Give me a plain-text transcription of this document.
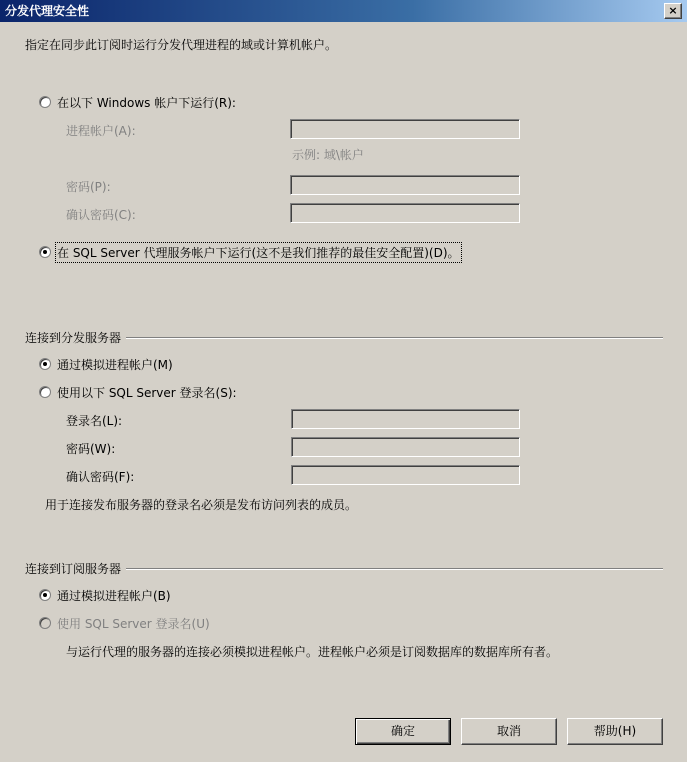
分发代理安全性	×
指定在同步此订阅时运行分发代理进程的域或计算机帐户。
在以下 Windows 帐户下运行(R):
进程帐户(A):
示例: 域\帐户
密码(P):
确认密码(C):
在 SQL Server 代理服务帐户下运行(这不是我们推荐的最佳安全配置)(D)。
连接到分发服务器
通过模拟进程帐户(M)
使用以下 SQL Server 登录名(S):
登录名(L):
密码(W):
确认密码(F):
用于连接发布服务器的登录名必须是发布访问列表的成员。
连接到订阅服务器
通过模拟进程帐户(B)
使用 SQL Server 登录名(U)
与运行代理的服务器的连接必须模拟进程帐户。进程帐户必须是订阅数据库的数据库所有者。
确定	取消	帮助(H)
